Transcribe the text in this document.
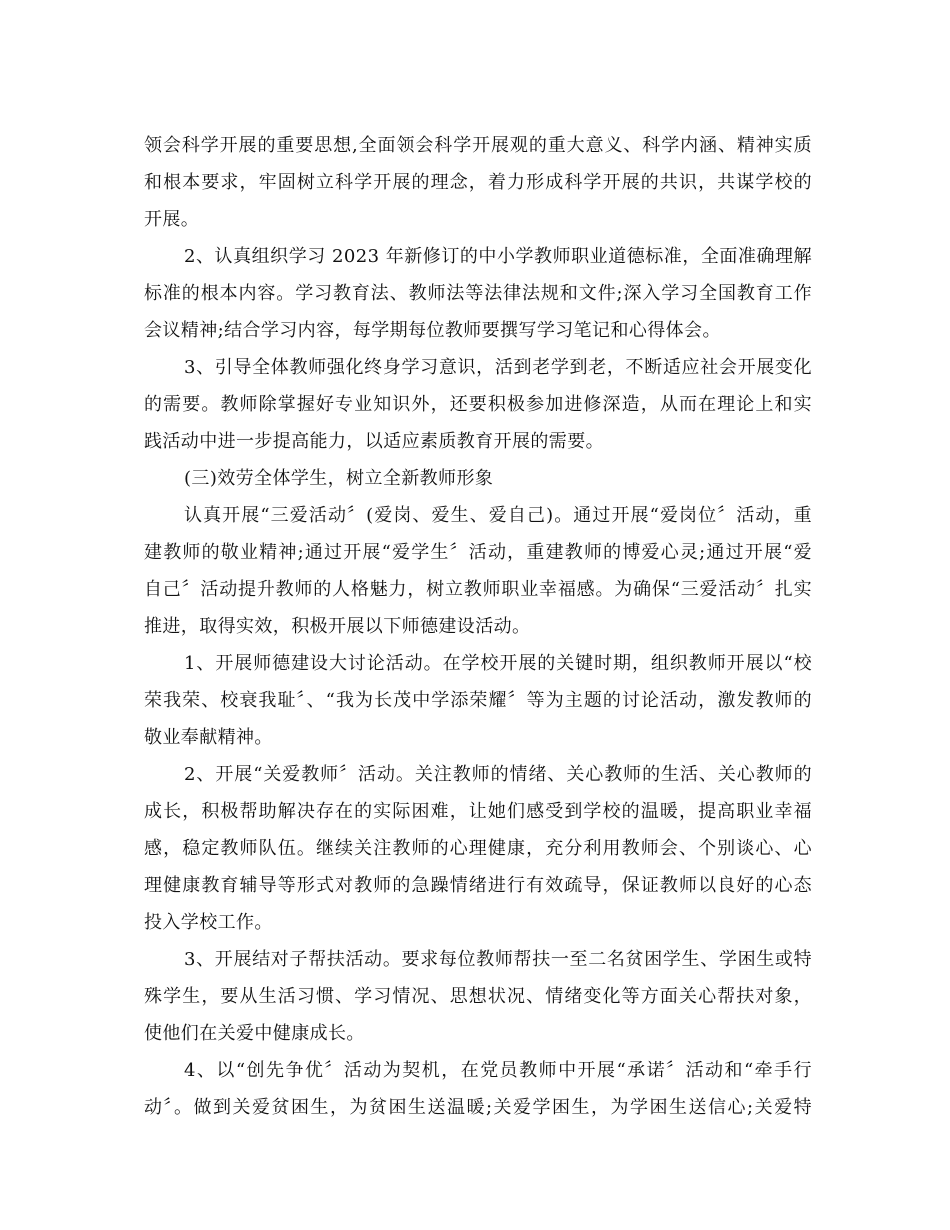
领会科学开展的重要思想,全面领会科学开展观的重大意义、科学内涵、精神实质
和根本要求，牢固树立科学开展的理念，着力形成科学开展的共识，共谋学校的
开展。
2、认真组织学习 2023 年新修订的中小学教师职业道德标准，全面准确理解
标准的根本内容。学习教育法、教师法等法律法规和文件;深入学习全国教育工作
会议精神;结合学习内容，每学期每位教师要撰写学习笔记和心得体会。
3、引导全体教师强化终身学习意识，活到老学到老，不断适应社会开展变化
的需要。教师除掌握好专业知识外，还要积极参加进修深造，从而在理论上和实
践活动中进一步提高能力，以适应素质教育开展的需要。
(三)效劳全体学生，树立全新教师形象
认真开展“三爱活动〞(爱岗、爱生、爱自己)。通过开展“爱岗位〞活动，重
建教师的敬业精神;通过开展“爱学生〞活动，重建教师的博爱心灵;通过开展“爱
自己〞活动提升教师的人格魅力，树立教师职业幸福感。为确保“三爱活动〞扎实
推进，取得实效，积极开展以下师德建设活动。
1、开展师德建设大讨论活动。在学校开展的关键时期，组织教师开展以“校
荣我荣、校衰我耻〞、“我为长茂中学添荣耀〞等为主题的讨论活动，激发教师的
敬业奉献精神。
2、开展“关爱教师〞活动。关注教师的情绪、关心教师的生活、关心教师的
成长，积极帮助解决存在的实际困难，让她们感受到学校的温暖，提高职业幸福
感，稳定教师队伍。继续关注教师的心理健康，充分利用教师会、个别谈心、心
理健康教育辅导等形式对教师的急躁情绪进行有效疏导，保证教师以良好的心态
投入学校工作。
3、开展结对子帮扶活动。要求每位教师帮扶一至二名贫困学生、学困生或特
殊学生，要从生活习惯、学习情况、思想状况、情绪变化等方面关心帮扶对象，
使他们在关爱中健康成长。
4、以“创先争优〞活动为契机，在党员教师中开展“承诺〞活动和“牵手行
动〞。做到关爱贫困生，为贫困生送温暖;关爱学困生，为学困生送信心;关爱特
